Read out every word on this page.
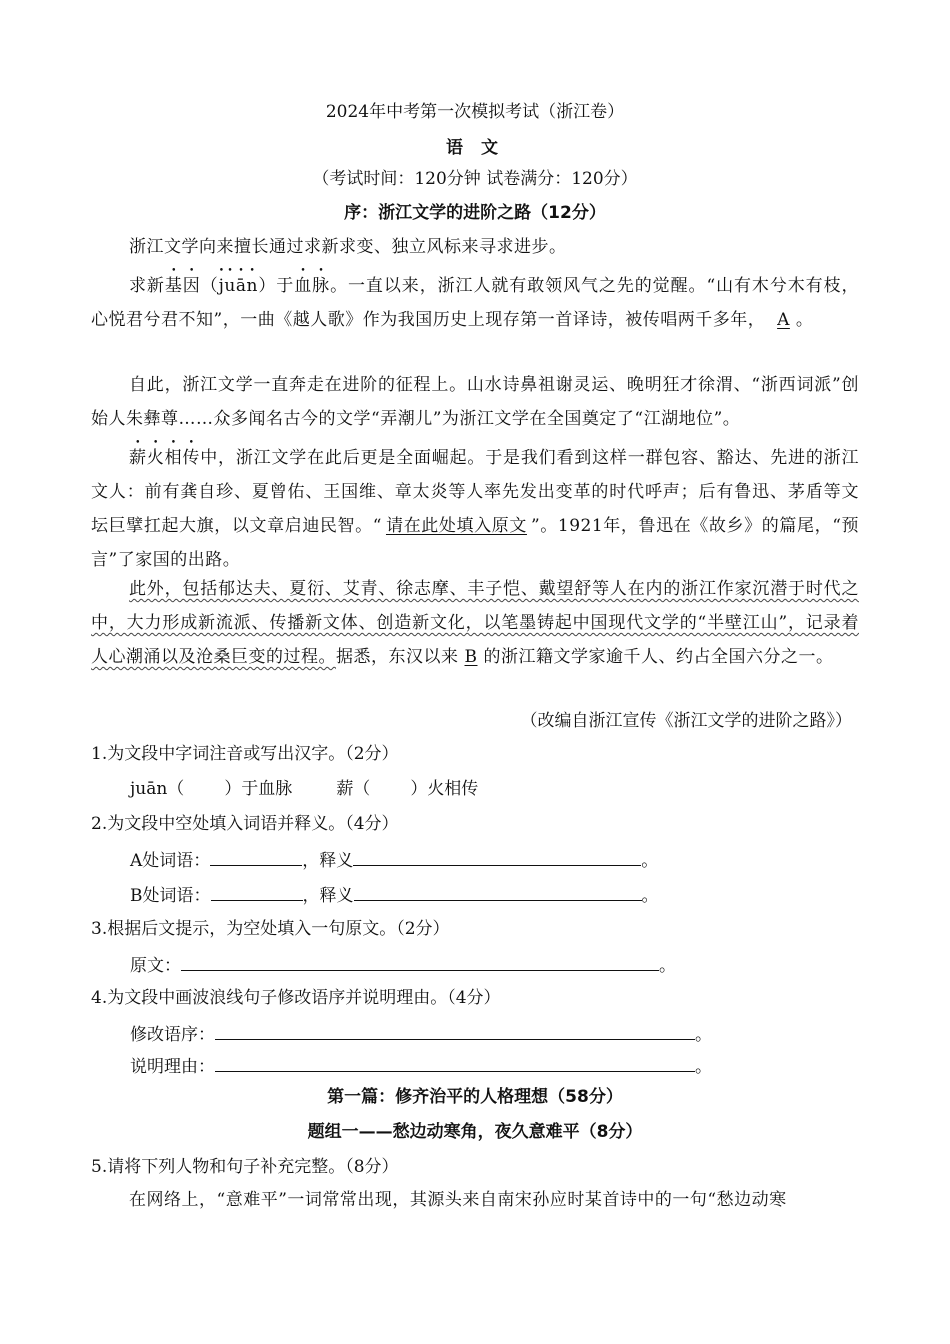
2024年中考第一次模拟考试（浙江卷）
语 文
（考试时间：120分钟 试卷满分：120分）
序：浙江文学的进阶之路（12分）
浙江文学向来擅长通过求新求变、独立风标来寻求进步。
求新基因（juān）于血脉。一直以来，浙江人就有敢领风气之先的觉醒。“山有木兮木有枝，心悦君兮君不知”，一曲《越人歌》作为我国历史上现存第一首译诗，被传唱两千多年， A 。
自此，浙江文学一直奔走在进阶的征程上。山水诗鼻祖谢灵运、晚明狂才徐渭、“浙西词派”创始人朱彝尊……众多闻名古今的文学“弄潮儿”为浙江文学在全国奠定了“江湖地位”。
薪火相传中，浙江文学在此后更是全面崛起。于是我们看到这样一群包容、豁达、先进的浙江文人：前有龚自珍、夏曾佑、王国维、章太炎等人率先发出变革的时代呼声；后有鲁迅、茅盾等文坛巨擘扛起大旗，以文章启迪民智。“ 请在此处填入原文 ”。1921年，鲁迅在《故乡》的篇尾，“预言”了家国的出路。
此外，包括郁达夫、夏衍、艾青、徐志摩、丰子恺、戴望舒等人在内的浙江作家沉潜于时代之中，大力形成新流派、传播新文体、创造新文化，以笔墨铸起中国现代文学的“半壁江山”，记录着人心潮涌以及沧桑巨变的过程。据悉，东汉以来 B 的浙江籍文学家逾千人、约占全国六分之一。
（改编自浙江宣传《浙江文学的进阶之路》）
1.为文段中字词注音或写出汉字。（2分）
juān（ ）于血脉	薪（ ）火相传
2.为文段中空处填入词语并释义。（4分）
A处词语：	，释义	。
B处词语：	，释义	。
3.根据后文提示，为空处填入一句原文。（2分）
原文：	。
4.为文段中画波浪线句子修改语序并说明理由。（4分）
修改语序：	。
说明理由：	。
第一篇：修齐治平的人格理想（58分）
题组一——愁边动寒角，夜久意难平（8分）
5.请将下列人物和句子补充完整。（8分）
在网络上，“意难平”一词常常出现，其源头来自南宋孙应时某首诗中的一句“愁边动寒
